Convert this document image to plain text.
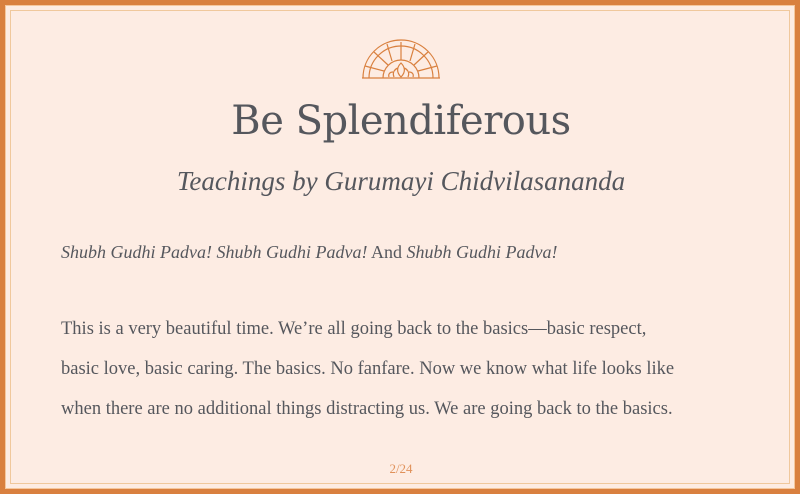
Be Splendiferous
Teachings by Gurumayi Chidvilasananda
Shubh Gudhi Padva! Shubh Gudhi Padva! And Shubh Gudhi Padva!
This is a very beautiful time. We’re all going back to the basics—basic respect,
basic love, basic caring. The basics. No fanfare. Now we know what life looks like
when there are no additional things distracting us. We are going back to the basics.
2/24
